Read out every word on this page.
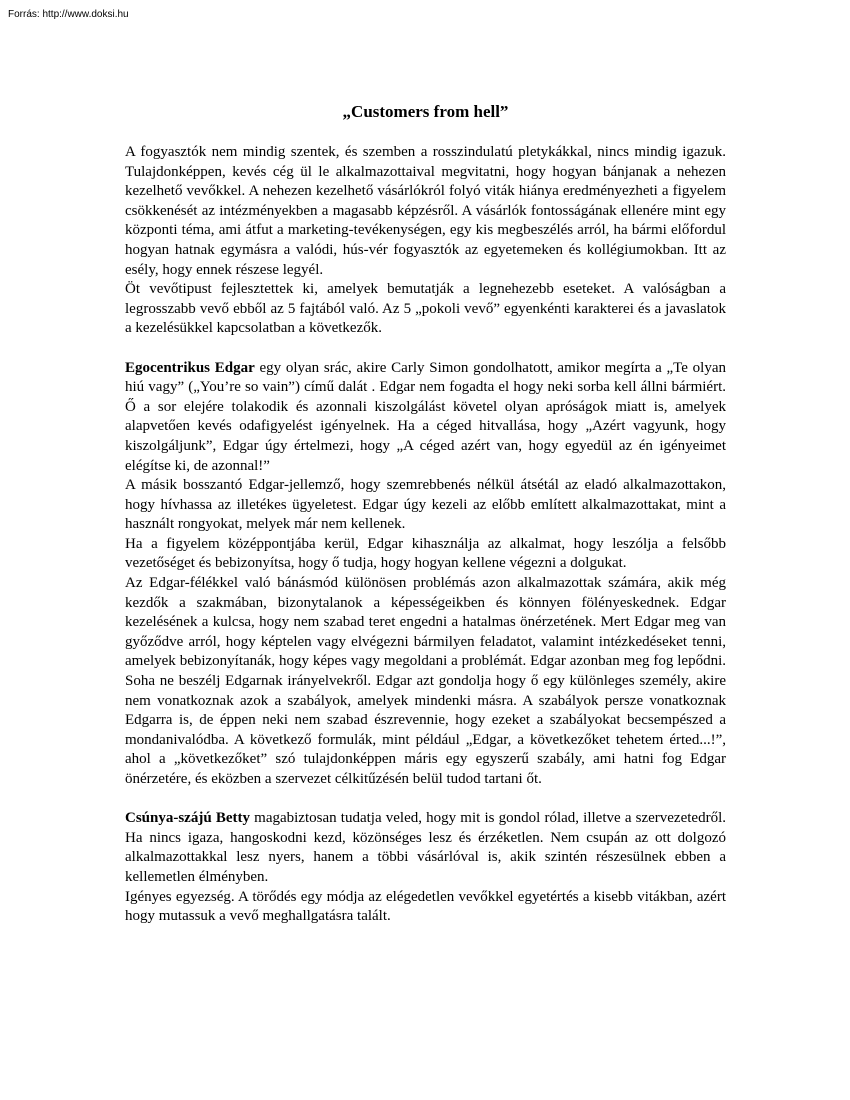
Forrás: http://www.doksi.hu
„Customers from hell”

A fogyasztók nem mindig szentek, és szemben a rosszindulatú pletykákkal, nincs mindig igazuk. Tulajdonképpen, kevés cég ül le alkalmazottaival megvitatni, hogy hogyan bánjanak a nehezen kezelhető vevőkkel. A nehezen kezelhető vásárlókról folyó viták hiánya eredményezheti a figyelem csökkenését az intézményekben a magasabb képzésről. A vásárlók fontosságának ellenére mint egy központi téma, ami átfut a marketing-tevékenységen, egy kis megbeszélés arról, ha bármi előfordul hogyan hatnak egymásra a valódi, hús-vér fogyasztók az egyetemeken és kollégiumokban. Itt az esély, hogy ennek részese legyél.

Öt vevőtipust fejlesztettek ki, amelyek bemutatják a legnehezebb eseteket. A valóságban a legrosszabb vevő ebből az 5 fajtából való. Az 5 „pokoli vevő” egyenkénti karakterei és a javaslatok a kezelésükkel kapcsolatban a következők.

Egocentrikus Edgar egy olyan srác, akire Carly Simon gondolhatott, amikor megírta a „Te olyan hiú vagy” („You’re so vain”) című dalát . Edgar nem fogadta el hogy neki sorba kell állni bármiért. Ő a sor elejére tolakodik és azonnali kiszolgálást követel olyan apróságok miatt is, amelyek alapvetően kevés odafigyelést igényelnek. Ha a céged hitvallása, hogy „Azért vagyunk, hogy kiszolgáljunk”, Edgar úgy értelmezi, hogy „A céged azért van, hogy egyedül az én igényeimet elégítse ki, de azonnal!”

A másik bosszantó Edgar-jellemző, hogy szemrebbenés nélkül átsétál az eladó alkalmazottakon, hogy hívhassa az illetékes ügyeletest. Edgar úgy kezeli az előbb említett alkalmazottakat, mint a használt rongyokat, melyek már nem kellenek.

Ha a figyelem középpontjába kerül, Edgar kihasználja az alkalmat, hogy leszólja a felsőbb vezetőséget és bebizonyítsa, hogy ő tudja, hogy hogyan kellene végezni a dolgukat.

Az Edgar-félékkel való bánásmód különösen problémás azon alkalmazottak számára, akik még kezdők a szakmában, bizonytalanok a képességeikben és könnyen fölényeskednek. Edgar kezelésének a kulcsa, hogy nem szabad teret engedni a hatalmas önérzetének. Mert Edgar meg van győződve arról, hogy képtelen vagy elvégezni bármilyen feladatot, valamint intézkedéseket tenni, amelyek bebizonyítanák, hogy képes vagy megoldani a problémát. Edgar azonban meg fog lepődni. Soha ne beszélj Edgarnak irányelvekről. Edgar azt gondolja hogy ő egy különleges személy, akire nem vonatkoznak azok a szabályok, amelyek mindenki másra. A szabályok persze vonatkoznak Edgarra is, de éppen neki nem szabad észrevennie, hogy ezeket a szabályokat becsempészed a mondanivalódba. A következő formulák, mint például „Edgar, a következőket tehetem érted...!”, ahol a „következőket” szó tulajdonképpen máris egy egyszerű szabály, ami hatni fog Edgar önérzetére, és eközben a szervezet célkitűzésén belül tudod tartani őt.

Csúnya-szájú Betty magabiztosan tudatja veled, hogy mit is gondol rólad, illetve a szervezetedről. Ha nincs igaza, hangoskodni kezd, közönséges lesz és érzéketlen. Nem csupán az ott dolgozó alkalmazottakkal lesz nyers, hanem a többi vásárlóval is, akik szintén részesülnek ebben a kellemetlen élményben.

Igényes egyezség. A törődés egy módja az elégedetlen vevőkkel egyetértés a kisebb vitákban, azért hogy mutassuk a vevő meghallgatásra talált.
